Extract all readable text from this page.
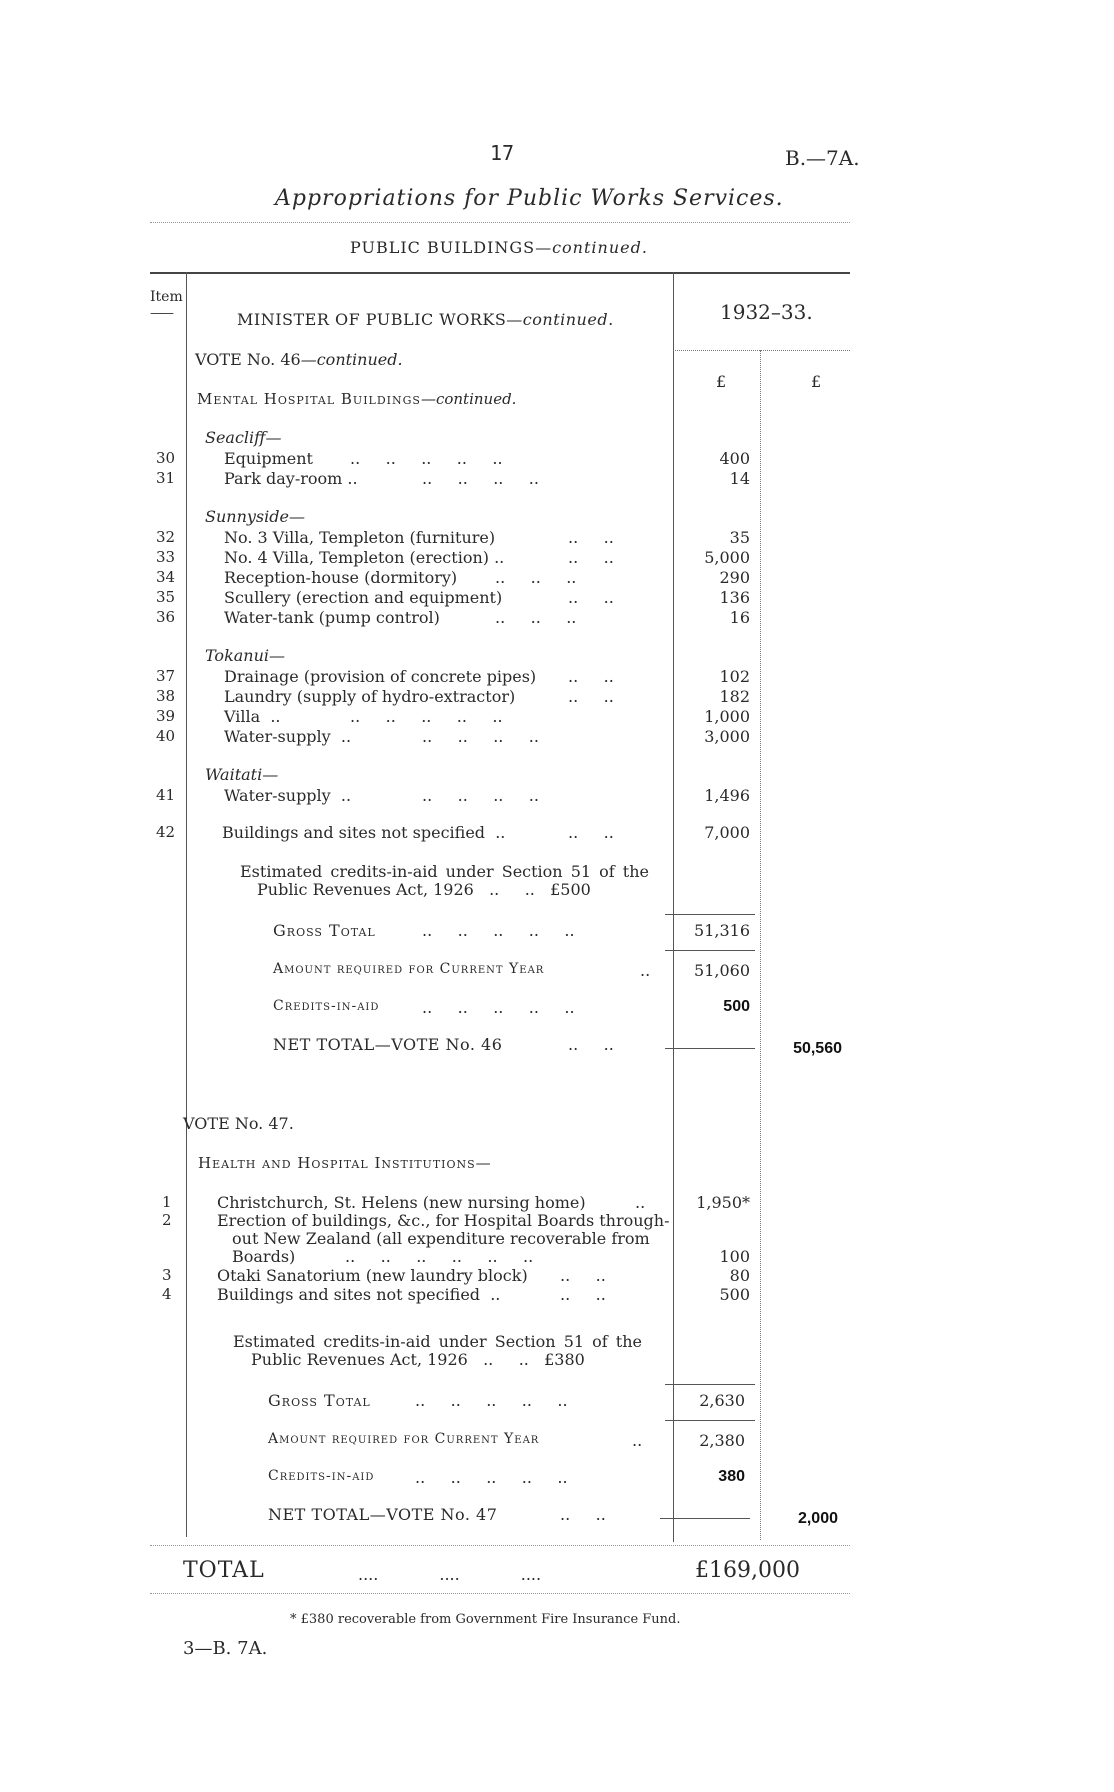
17	B.—7A.
Appropriations for Public Works Services.
PUBLIC BUILDINGS—continued.
Item
——	MINISTER OF PUBLIC WORKS—continued.	1932–33.
£	£
VOTE No. 46—continued.
Mental Hospital Buildings—continued.
Seacliff—
30	Equipment ..     ..     ..     ..     ..	400
31	Park day-room ..	..     ..     ..     ..	14
Sunnyside—
32	No. 3 Villa, Templeton (furniture)	..     ..	35
33	No. 4 Villa, Templeton (erection) ..	..     ..	5,000
34	Reception-house (dormitory) ..     ..     ..	290
35	Scullery (erection and equipment)	..     ..	136
36	Water-tank (pump control)	..     ..     ..	16
Tokanui—
37	Drainage (provision of concrete pipes) ..     ..	102
38	Laundry (supply of hydro-extractor)	..     ..	182
39	Villa  ..	..     ..     ..     ..     ..	1,000
40	Water-supply  ..	..     ..     ..     ..	3,000
Waitati—
41	Water-supply  ..	..     ..     ..     ..	1,496
42	Buildings and sites not specified  ..	..     ..	7,000
Estimated credits-in-aid under Section 51 of the
Public Revenues Act, 1926   ..     ..   £500
Gross Total	..     ..     ..     ..     ..	51,316
Amount required for Current Year	..	51,060
Credits-in-aid	..     ..     ..     ..     ..	500
NET TOTAL—VOTE No. 46	..     ..	50,560
VOTE No. 47.
Health and Hospital Institutions—
1	Christchurch, St. Helens (new nursing home)	..	1,950*
2	Erection of buildings, &c., for Hospital Boards through-
out New Zealand (all expenditure recoverable from
Boards)	..     ..     ..     ..     ..     ..	100
3	Otaki Sanatorium (new laundry block) ..     ..	80
4	Buildings and sites not specified  ..	..     ..	500
Estimated credits-in-aid under Section 51 of the
Public Revenues Act, 1926   ..     ..   £380
Gross Total	..     ..     ..     ..     ..	2,630
Amount required for Current Year	..	2,380
Credits-in-aid	..     ..     ..     ..     ..	380
NET TOTAL—VOTE No. 47	..     ..	2,000
TOTAL	....            ....            ....	£169,000
* £380 recoverable from Government Fire Insurance Fund.
3—B. 7A.
